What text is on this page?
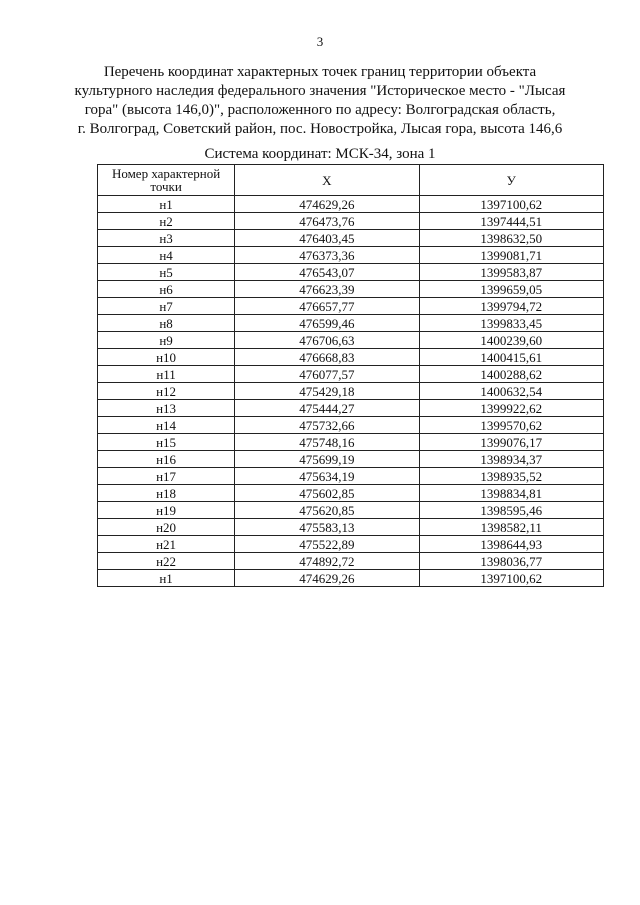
3
Перечень координат характерных точек границ территории объекта
культурного наследия федерального значения "Историческое место - "Лысая
гора" (высота 146,0)", расположенного по адресу: Волгоградская область,
г. Волгоград, Советский район, пос. Новостройка, Лысая гора, высота 146,6
Система координат: МСК-34, зона 1
Номер характерной точки	X	У
н1	474629,26	1397100,62
н2	476473,76	1397444,51
н3	476403,45	1398632,50
н4	476373,36	1399081,71
н5	476543,07	1399583,87
н6	476623,39	1399659,05
н7	476657,77	1399794,72
н8	476599,46	1399833,45
н9	476706,63	1400239,60
н10	476668,83	1400415,61
н11	476077,57	1400288,62
н12	475429,18	1400632,54
н13	475444,27	1399922,62
н14	475732,66	1399570,62
н15	475748,16	1399076,17
н16	475699,19	1398934,37
н17	475634,19	1398935,52
н18	475602,85	1398834,81
н19	475620,85	1398595,46
н20	475583,13	1398582,11
н21	475522,89	1398644,93
н22	474892,72	1398036,77
н1	474629,26	1397100,62
